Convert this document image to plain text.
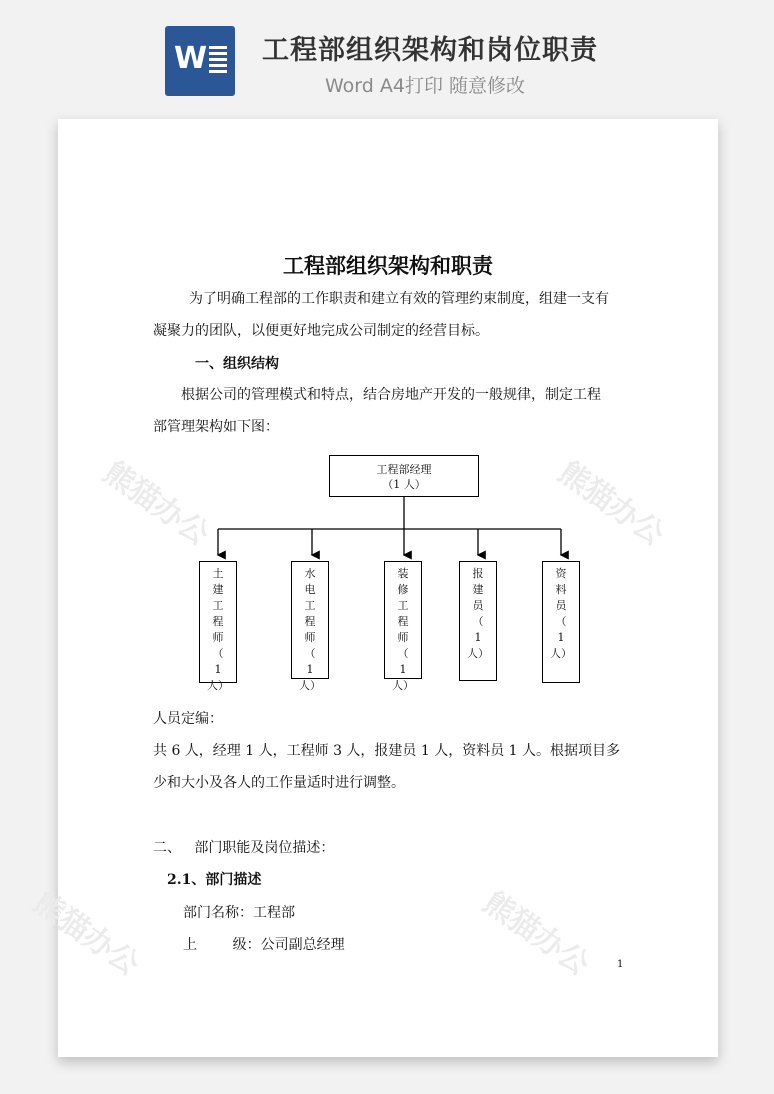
W 工程部组织架构和岗位职责
Word A4打印 随意修改
熊猫办公	熊猫办公
熊猫办公	熊猫办公
工程部组织架构和职责
为了明确工程部的工作职责和建立有效的管理约束制度，组建一支有
凝聚力的团队，以便更好地完成公司制定的经营目标。
一、组织结构
根据公司的管理模式和特点，结合房地产开发的一般规律，制定工程
部管理架构如下图：
工程部经理
（1 人）
土
建
工
程
师
（
1
人）
水
电
工
程
师
（
1
人）
装
修
工
程
师
（
1
人）
报
建
员
（
1
人）
资
料
员
（
1
人）
人员定编：
共 6 人，经理 1 人，工程师 3 人，报建员 1 人，资料员 1 人。根据项目多
少和大小及各人的工作量适时进行调整。
二、   部门职能及岗位描述：
2.1、部门描述
部门名称：工程部
上        级：公司副总经理
1
